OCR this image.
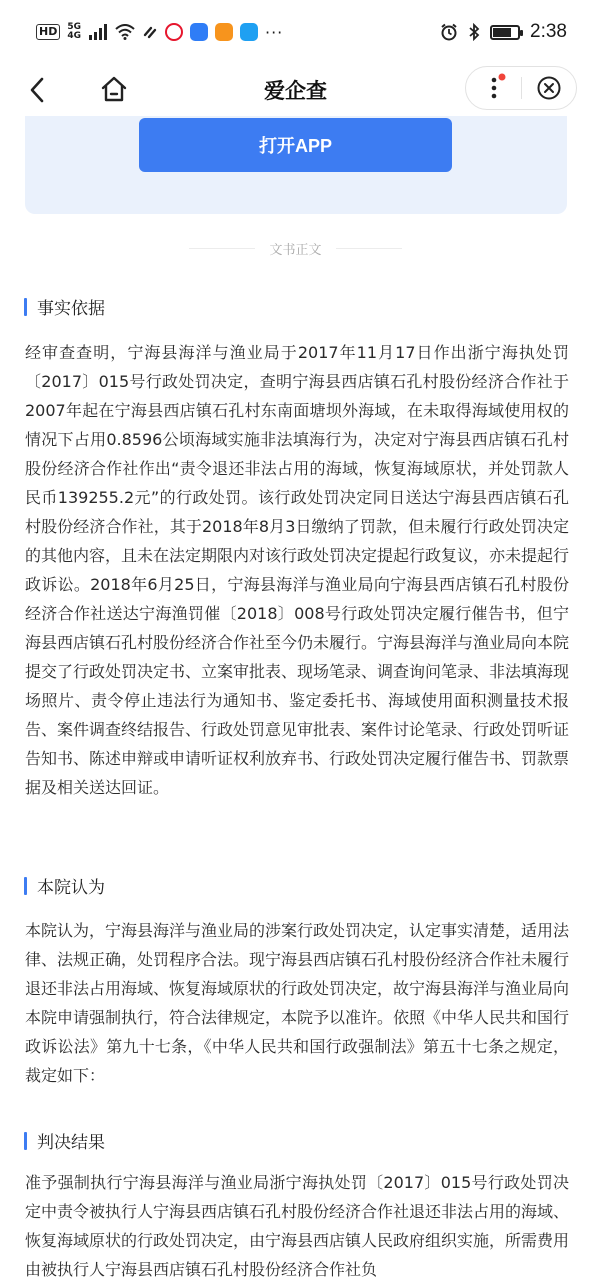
HD	5G
4G	···	2:38
爱企查
打开APP
文书正文
事实依据
经审查查明，宁海县海洋与渔业局于2017年11月17日作出浙宁海执处罚〔2017〕015号行政处罚决定，查明宁海县西店镇石孔村股份经济合作社于2007年起在宁海县西店镇石孔村东南面塘坝外海域，在未取得海域使用权的情况下占用0.8596公顷海域实施非法填海行为，决定对宁海县西店镇石孔村股份经济合作社作出“责令退还非法占用的海域，恢复海域原状，并处罚款人民币139255.2元”的行政处罚。该行政处罚决定同日送达宁海县西店镇石孔村股份经济合作社，其于2018年8月3日缴纳了罚款，但未履行行政处罚决定的其他内容，且未在法定期限内对该行政处罚决定提起行政复议，亦未提起行政诉讼。2018年6月25日，宁海县海洋与渔业局向宁海县西店镇石孔村股份经济合作社送达宁海渔罚催〔2018〕008号行政处罚决定履行催告书，但宁海县西店镇石孔村股份经济合作社至今仍未履行。宁海县海洋与渔业局向本院提交了行政处罚决定书、立案审批表、现场笔录、调查询问笔录、非法填海现场照片、责令停止违法行为通知书、鉴定委托书、海域使用面积测量技术报告、案件调查终结报告、行政处罚意见审批表、案件讨论笔录、行政处罚听证告知书、陈述申辩或申请听证权利放弃书、行政处罚决定履行催告书、罚款票据及相关送达回证。
本院认为
本院认为，宁海县海洋与渔业局的涉案行政处罚决定，认定事实清楚，适用法律、法规正确，处罚程序合法。现宁海县西店镇石孔村股份经济合作社未履行退还非法占用海域、恢复海域原状的行政处罚决定，故宁海县海洋与渔业局向本院申请强制执行，符合法律规定，本院予以准许。依照《中华人民共和国行政诉讼法》第九十七条，《中华人民共和国行政强制法》第五十七条之规定，裁定如下：
判决结果
准予强制执行宁海县海洋与渔业局浙宁海执处罚〔2017〕015号行政处罚决定中责令被执行人宁海县西店镇石孔村股份经济合作社退还非法占用的海域、恢复海域原状的行政处罚决定，由宁海县西店镇人民政府组织实施，所需费用由被执行人宁海县西店镇石孔村股份经济合作社负
